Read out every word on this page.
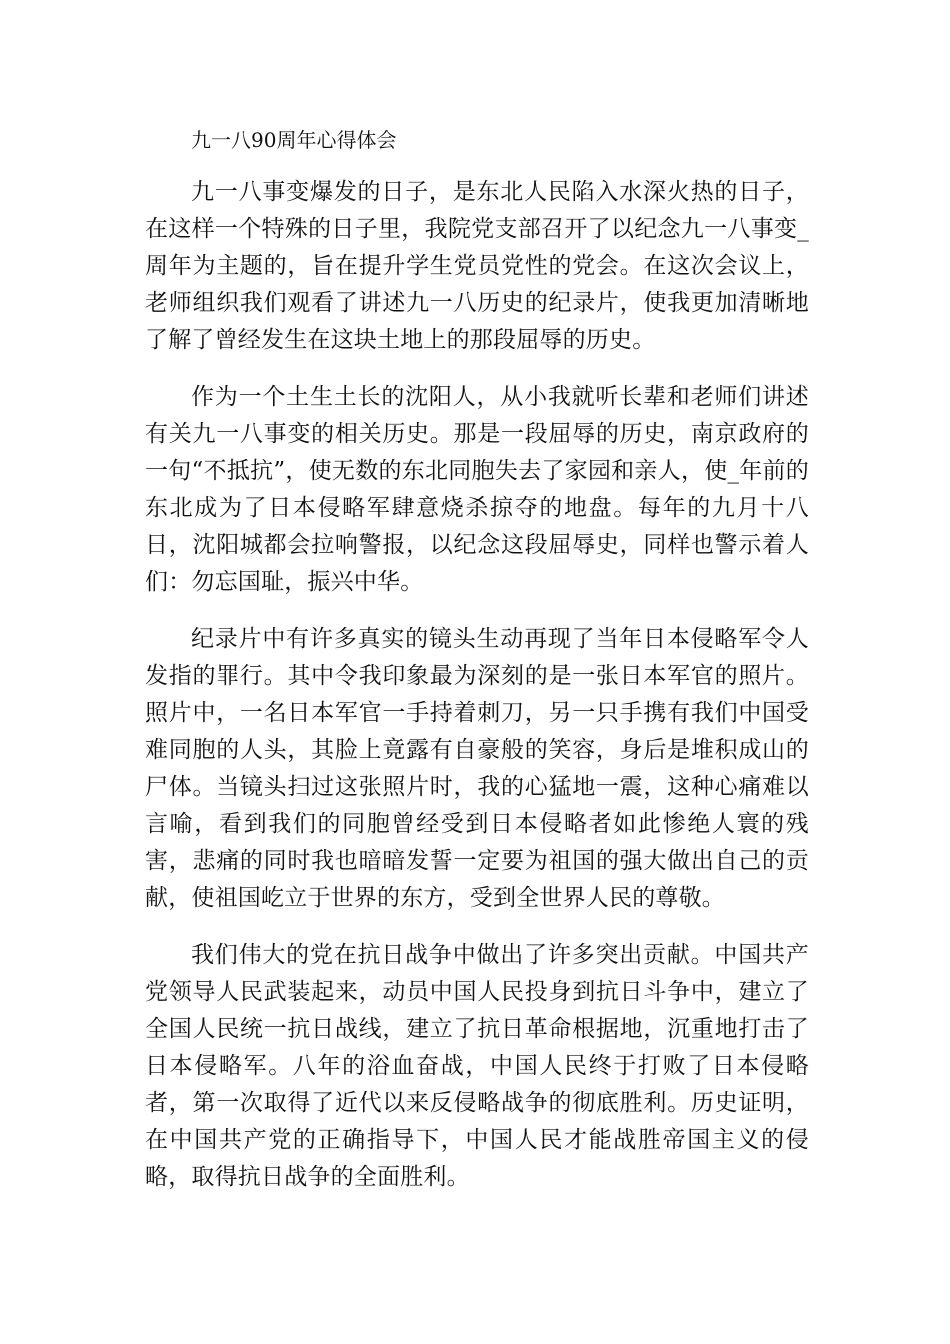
九一八90周年心得体会

九一八事变爆发的日子，是东北人民陷入水深火热的日子，在这样一个特殊的日子里，我院党支部召开了以纪念九一八事变_周年为主题的，旨在提升学生党员党性的党会。在这次会议上，老师组织我们观看了讲述九一八历史的纪录片，使我更加清晰地了解了曾经发生在这块土地上的那段屈辱的历史。

作为一个土生土长的沈阳人，从小我就听长辈和老师们讲述有关九一八事变的相关历史。那是一段屈辱的历史，南京政府的一句“不抵抗”，使无数的东北同胞失去了家园和亲人，使_年前的东北成为了日本侵略军肆意烧杀掠夺的地盘。每年的九月十八日，沈阳城都会拉响警报，以纪念这段屈辱史，同样也警示着人们：勿忘国耻，振兴中华。

纪录片中有许多真实的镜头生动再现了当年日本侵略军令人发指的罪行。其中令我印象最为深刻的是一张日本军官的照片。照片中，一名日本军官一手持着刺刀，另一只手携有我们中国受难同胞的人头，其脸上竟露有自豪般的笑容，身后是堆积成山的尸体。当镜头扫过这张照片时，我的心猛地一震，这种心痛难以言喻，看到我们的同胞曾经受到日本侵略者如此惨绝人寰的残害，悲痛的同时我也暗暗发誓一定要为祖国的强大做出自己的贡献，使祖国屹立于世界的东方，受到全世界人民的尊敬。

我们伟大的党在抗日战争中做出了许多突出贡献。中国共产党领导人民武装起来，动员中国人民投身到抗日斗争中，建立了全国人民统一抗日战线，建立了抗日革命根据地，沉重地打击了日本侵略军。八年的浴血奋战，中国人民终于打败了日本侵略者，第一次取得了近代以来反侵略战争的彻底胜利。历史证明，在中国共产党的正确指导下，中国人民才能战胜帝国主义的侵略，取得抗日战争的全面胜利。
